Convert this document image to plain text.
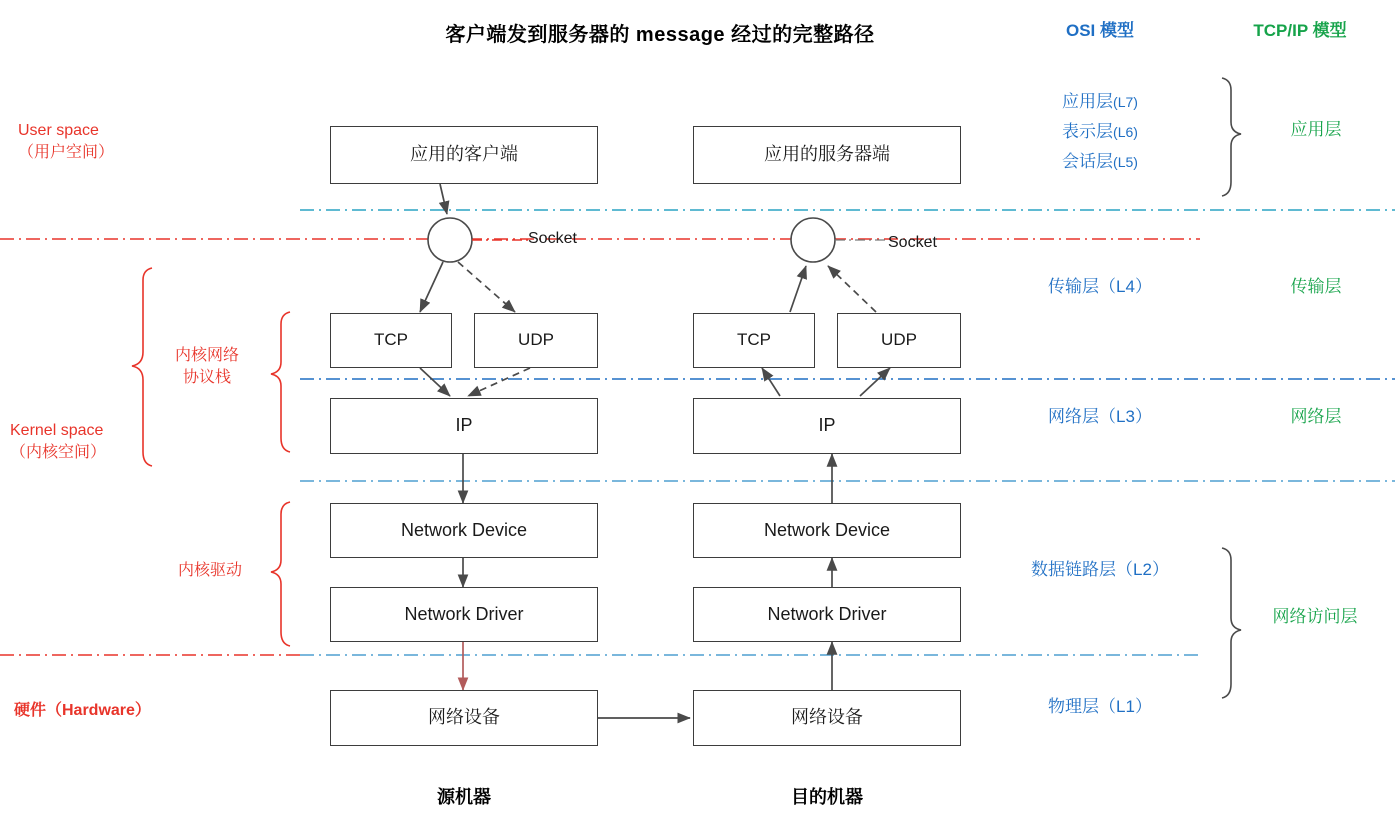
客户端发到服务器的 message 经过的完整路径	OSI 模型	TCP/IP 模型
User space
（用户空间）
Kernel space
（内核空间）
内核网络
协议栈
内核驱动
硬件（Hardware）
应用的客户端
Socket
TCP	UDP
IP
Network Device
Network Driver
网络设备
源机器
应用的服务器端
Socket
TCP	UDP
IP
Network Device
Network Driver
网络设备
目的机器
应用层(L7)
表示层(L6)
会话层(L5)
传输层（L4）
网络层（L3）
数据链路层（L2）
物理层（L1）
应用层
传输层
网络层
网络访问层
